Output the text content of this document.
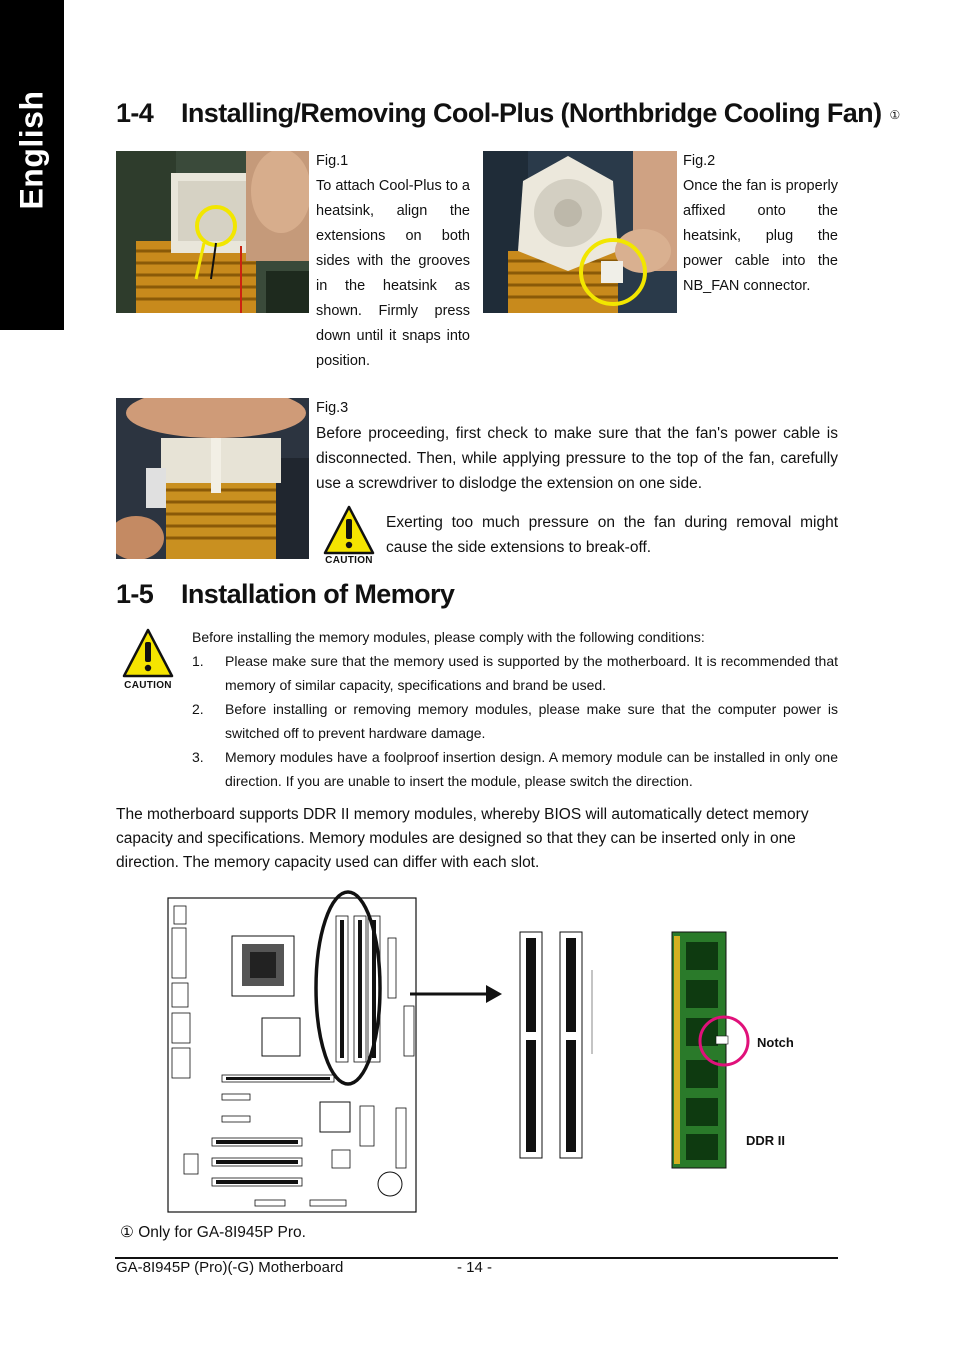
English 1-4 Installing/Removing Cool-Plus (Northbridge Cooling Fan) ①
Fig.1
To attach Cool-Plus to a heatsink, align the extensions on both sides with the grooves in the heatsink as shown. Firmly press down until it snaps into position.
Fig.2
Once the fan is properly affixed onto the heatsink, plug the power cable into the NB_FAN connector.
Fig.3
Before proceeding, first check to make sure that the fan's power cable is disconnected. Then, while applying pressure to the top of the fan, carefully use a screwdriver to dislodge the extension on one side.
CAUTION
Exerting too much pressure on the fan during removal might cause the side extensions to break-off.
1-5 Installation of Memory
CAUTION
Before installing the memory modules, please comply with the following conditions:
1. Please make sure that the memory used is supported by the motherboard. It is recommended that memory of similar capacity, specifications and brand be used.
2. Before installing or removing memory modules, please make sure that the computer power is switched off to prevent hardware damage.
3. Memory modules have a foolproof insertion design. A memory module can be installed in only one direction. If you are unable to insert the module, please switch the direction.
The motherboard supports DDR II memory modules, whereby BIOS will automatically detect memory capacity and specifications. Memory modules are designed so that they can be inserted only in one direction. The memory capacity used can differ with each slot.
Notch
DDR II
① Only for GA-8I945P Pro.
GA-8I945P (Pro)(-G) Motherboard	- 14 -
